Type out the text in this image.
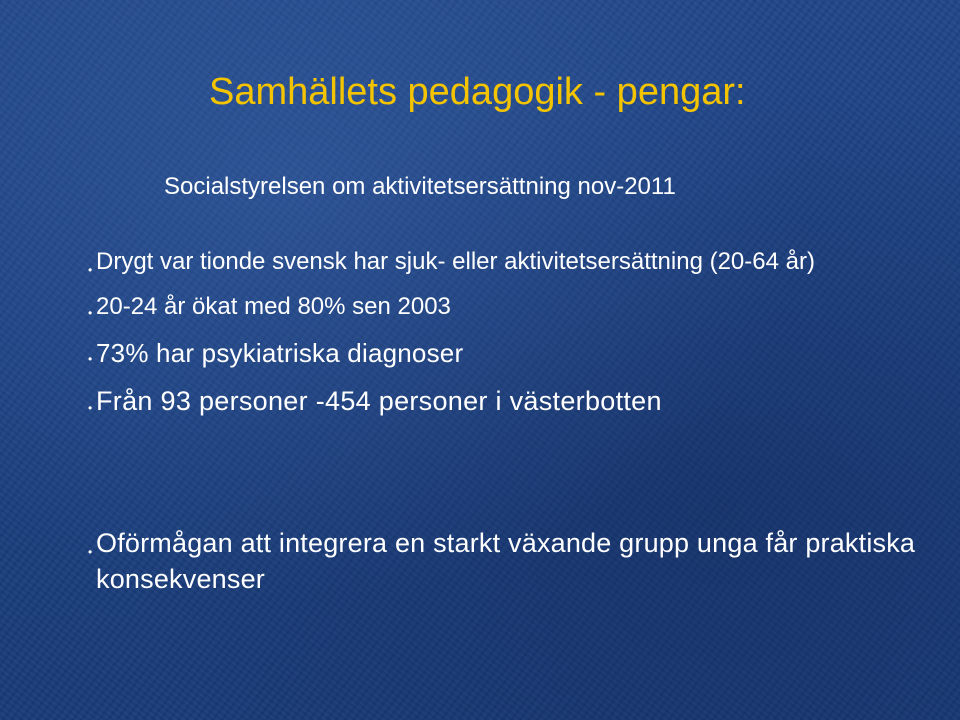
Samhällets pedagogik - pengar:
Socialstyrelsen om aktivitetsersättning nov-2011
• Drygt var tionde svensk har sjuk- eller aktivitetsersättning (20-64 år)
• 20-24 år ökat med 80% sen 2003
• 73% har psykiatriska diagnoser
• Från 93 personer -454 personer i västerbotten
• Oförmågan att integrera en starkt växande grupp unga får praktiska konsekvenser
